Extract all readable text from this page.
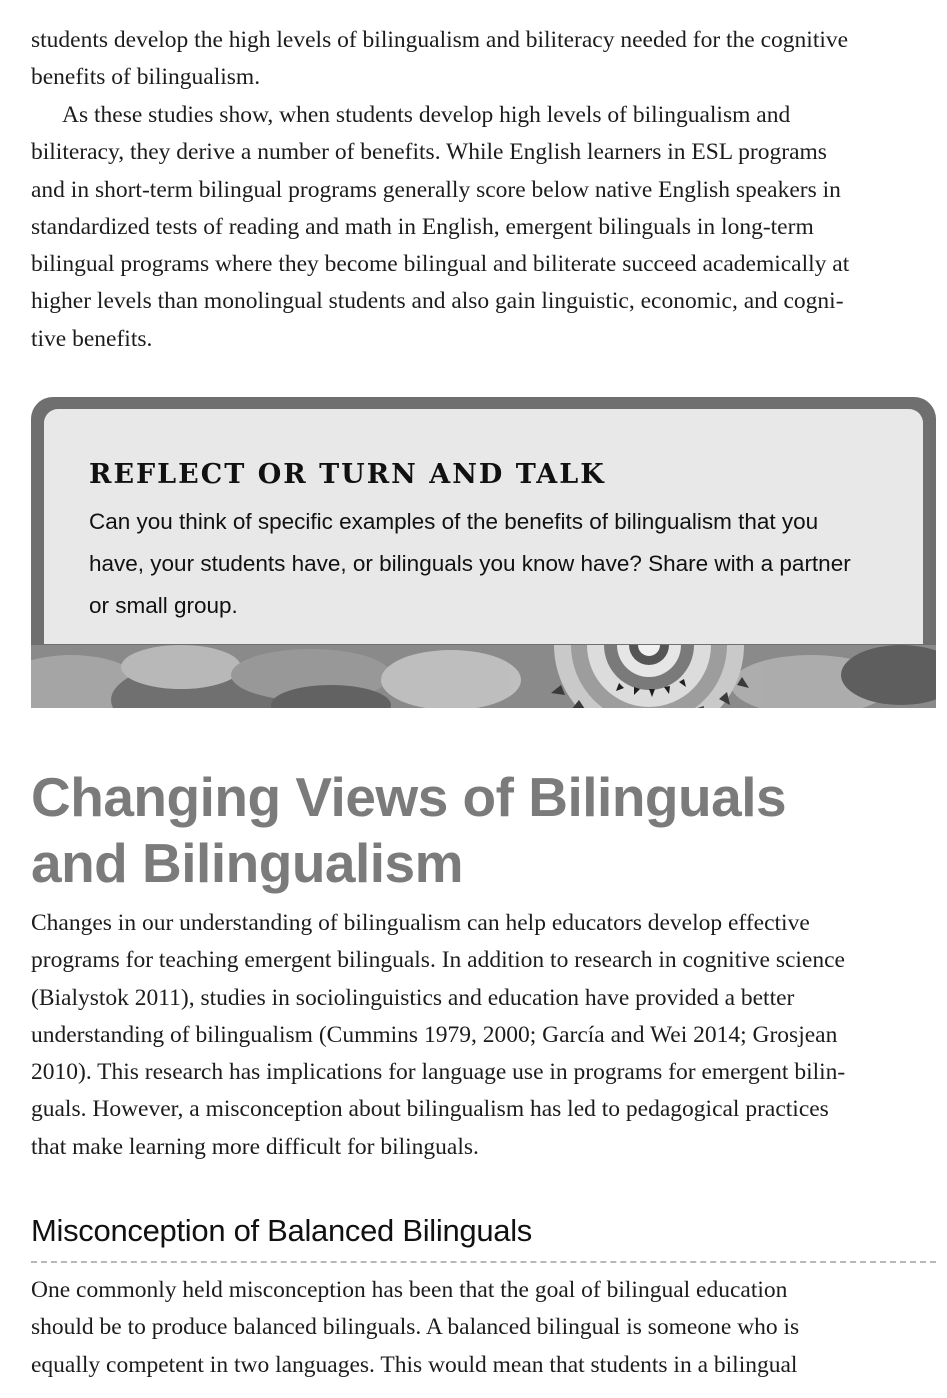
students develop the high levels of bilingualism and biliteracy needed for the cognitive
benefits of bilingualism.

As these studies show, when students develop high levels of bilingualism and
biliteracy, they derive a number of benefits. While English learners in ESL programs
and in short-term bilingual programs generally score below native English speakers in
standardized tests of reading and math in English, emergent bilinguals in long-term
bilingual programs where they become bilingual and biliterate succeed academically at
higher levels than monolingual students and also gain linguistic, economic, and cogni-
tive benefits.

REFLECT OR TURN AND TALK
Can you think of specific examples of the benefits of bilingualism that you
have, your students have, or bilinguals you know have? Share with a partner
or small group.
Changing Views of Bilinguals
and Bilingualism

Changes in our understanding of bilingualism can help educators develop effective
programs for teaching emergent bilinguals. In addition to research in cognitive science
(Bialystok 2011), studies in sociolinguistics and education have provided a better
understanding of bilingualism (Cummins 1979, 2000; García and Wei 2014; Grosjean
2010). This research has implications for language use in programs for emergent bilin-
guals. However, a misconception about bilingualism has led to pedagogical practices
that make learning more difficult for bilinguals.

Misconception of Balanced Bilinguals

One commonly held misconception has been that the goal of bilingual education
should be to produce balanced bilinguals. A balanced bilingual is someone who is
equally competent in two languages. This would mean that students in a bilingual
